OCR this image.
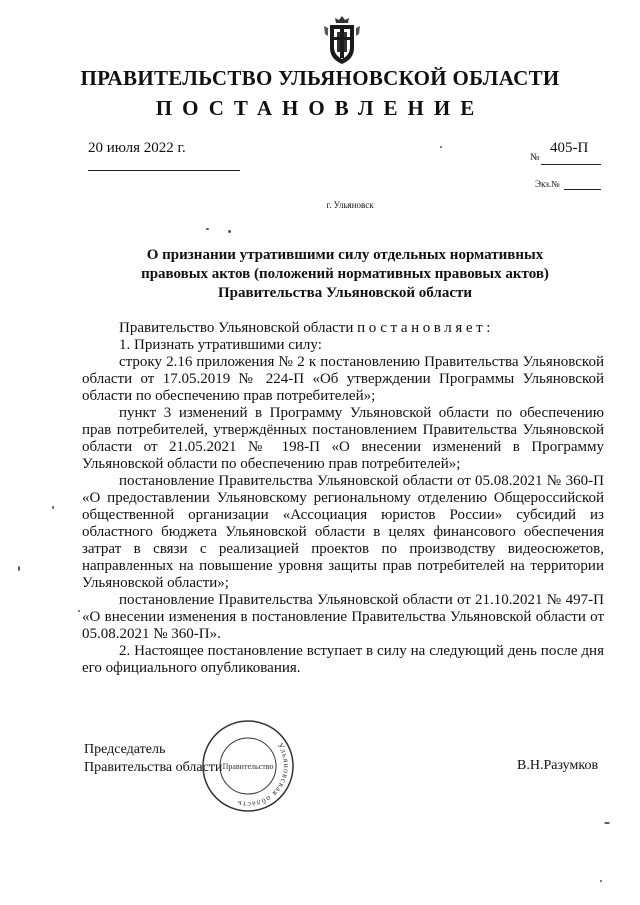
ПРАВИТЕЛЬСТВО УЛЬЯНОВСКОЙ ОБЛАСТИ
ПОСТАНОВЛЕНИЕ
20 июля 2022 г.	405-П
№
Экз.№
г. Ульяновск
О признании утратившими силу отдельных нормативных
правовых актов (положений нормативных правовых актов)
Правительства Ульяновской области

Правительство Ульяновской области постановляет:

1. Признать утратившими силу:

строку 2.16 приложения № 2 к постановлению Правительства Ульяновской области от 17.05.2019 № 224-П «Об утверждении Программы Ульяновской области по обеспечению прав потребителей»;

пункт 3 изменений в Программу Ульяновской области по обеспечению прав потребителей, утверждённых постановлением Правительства Ульяновской области от 21.05.2021 № 198-П «О внесении изменений в Программу Ульяновской области по обеспечению прав потребителей»;

постановление Правительства Ульяновской области от 05.08.2021 № 360-П «О предоставлении Ульяновскому региональному отделению Общероссийской общественной организации «Ассоциация юристов России» субсидий из областного бюджета Ульяновской области в целях финансового обеспечения затрат в связи с реализацией проектов по производству видеосюжетов, направленных на повышение уровня защиты прав потребителей на территории Ульяновской области»;

постановление Правительства Ульяновской области от 21.10.2021 № 497-П «О внесении изменения в постановление Правительства Ульяновской области от 05.08.2021 № 360-П».

2. Настоящее постановление вступает в силу на следующий день после дня его официального опубликования.

Председатель
Правительства области	В.Н.Разумков
Ульяновская область
Правительство
